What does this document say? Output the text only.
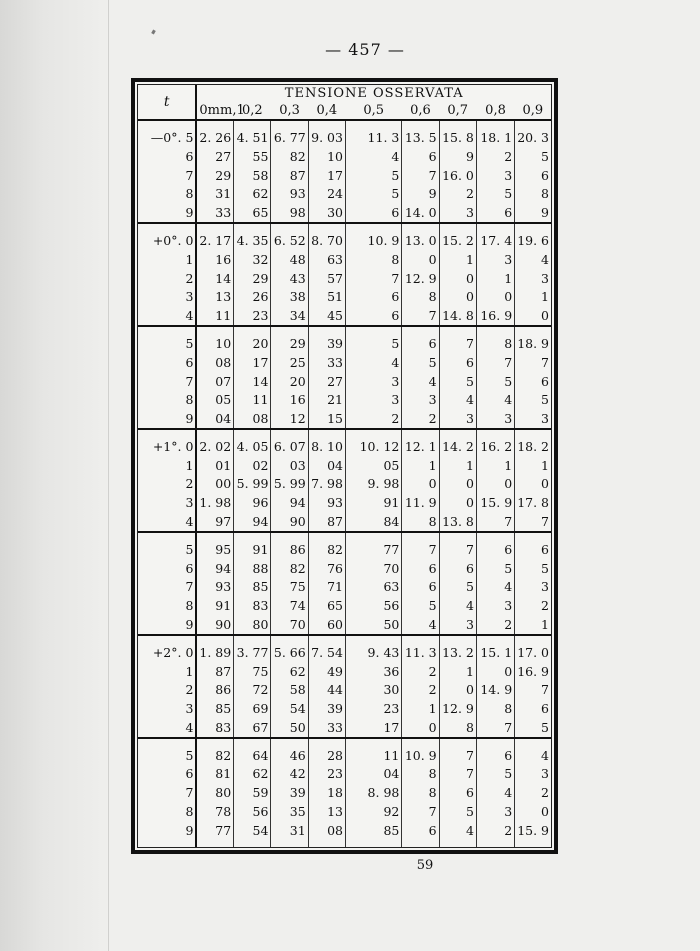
— 457 —
t	TENSIONE OSSERVATA								
	0mm,1	0,2	0,3	0,4	0,5	0,6	0,7	0,8	0,9

—0°. 5	2. 26	4. 51	6. 77	9. 03	11. 3	13. 5	15. 8	18. 1	20. 3
6	27	55	82	10	4	6	9	2	5
7	29	58	87	17	5	7	16. 0	3	6
8	31	62	93	24	5	9	2	5	8
9	33	65	98	30	6	14. 0	3	6	9

+0°. 0	2. 17	4. 35	6. 52	8. 70	10. 9	13. 0	15. 2	17. 4	19. 6
1	16	32	48	63	8	0	1	3	4
2	14	29	43	57	7	12. 9	0	1	3
3	13	26	38	51	6	8	0	0	1
4	11	23	34	45	6	7	14. 8	16. 9	0

5	10	20	29	39	5	6	7	8	18. 9
6	08	17	25	33	4	5	6	7	7
7	07	14	20	27	3	4	5	5	6
8	05	11	16	21	3	3	4	4	5
9	04	08	12	15	2	2	3	3	3

+1°. 0	2. 02	4. 05	6. 07	8. 10	10. 12	12. 1	14. 2	16. 2	18. 2
1	01	02	03	04	05	1	1	1	1
2	00	5. 99	5. 99	7. 98	9. 98	0	0	0	0
3	1. 98	96	94	93	91	11. 9	0	15. 9	17. 8
4	97	94	90	87	84	8	13. 8	7	7

5	95	91	86	82	77	7	7	6	6
6	94	88	82	76	70	6	6	5	5
7	93	85	75	71	63	6	5	4	3
8	91	83	74	65	56	5	4	3	2
9	90	80	70	60	50	4	3	2	1

+2°. 0	1. 89	3. 77	5. 66	7. 54	9. 43	11. 3	13. 2	15. 1	17. 0
1	87	75	62	49	36	2	1	0	16. 9
2	86	72	58	44	30	2	0	14. 9	7
3	85	69	54	39	23	1	12. 9	8	6
4	83	67	50	33	17	0	8	7	5

5	82	64	46	28	11	10. 9	7	6	4
6	81	62	42	23	04	8	7	5	3
7	80	59	39	18	8. 98	8	6	4	2
8	78	56	35	13	92	7	5	3	0
9	77	54	31	08	85	6	4	2	15. 9

59
